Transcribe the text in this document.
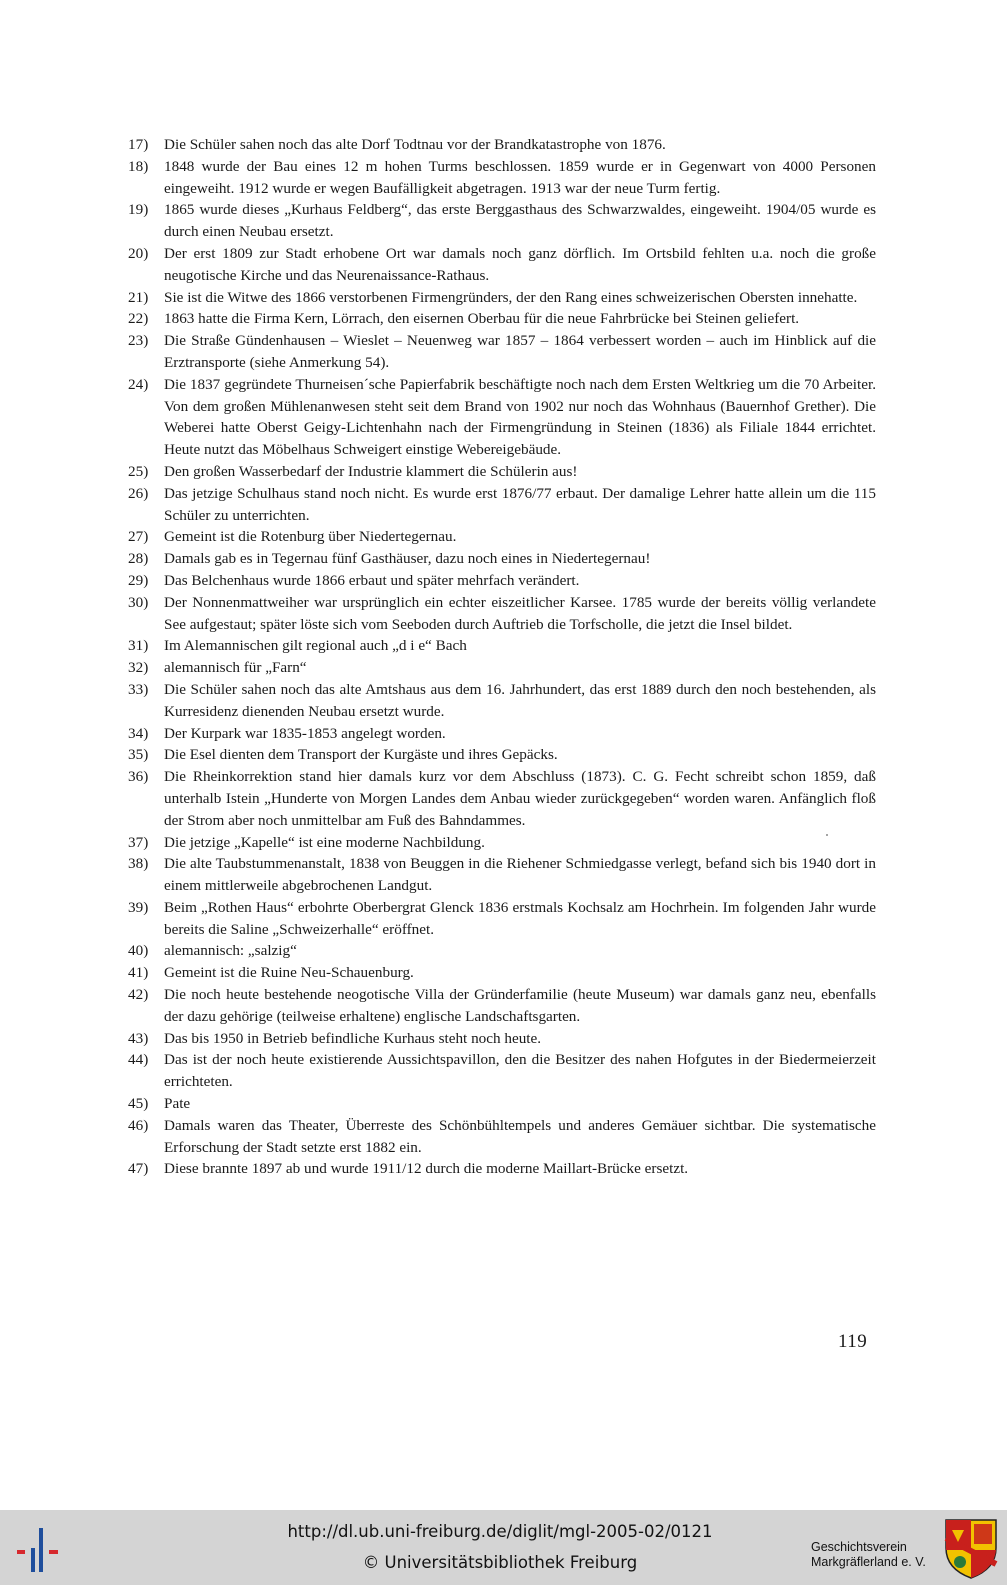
17)	Die Schüler sahen noch das alte Dorf Todtnau vor der Brandkatastrophe von 1876.
18)	1848 wurde der Bau eines 12 m hohen Turms beschlossen. 1859 wurde er in Gegenwart von 4000 Personen eingeweiht. 1912 wurde er wegen Baufälligkeit abgetragen. 1913 war der neue Turm fertig.
19)	1865 wurde dieses „Kurhaus Feldberg“, das erste Berggasthaus des Schwarzwaldes, eingeweiht. 1904/05 wurde es durch einen Neubau ersetzt.
20)	Der erst 1809 zur Stadt erhobene Ort war damals noch ganz dörflich. Im Ortsbild fehlten u.a. noch die große neugotische Kirche und das Neurenaissance-Rathaus.
21)	Sie ist die Witwe des 1866 verstorbenen Firmengründers, der den Rang eines schweizerischen Obersten innehatte.
22)	1863 hatte die Firma Kern, Lörrach, den eisernen Oberbau für die neue Fahrbrücke bei Steinen geliefert.
23)	Die Straße Gündenhausen – Wieslet – Neuenweg war 1857 – 1864 verbessert worden – auch im Hinblick auf die Erztransporte (siehe Anmerkung 54).
24)	Die 1837 gegründete Thurneisen´sche Papierfabrik beschäftigte noch nach dem Ersten Weltkrieg um die 70 Arbeiter. Von dem großen Mühlenanwesen steht seit dem Brand von 1902 nur noch das Wohnhaus (Bauernhof Grether). Die Weberei hatte Oberst Geigy-Lichtenhahn nach der Firmengründung in Steinen (1836) als Filiale 1844 errichtet. Heute nutzt das Möbelhaus Schweigert einstige Webereigebäude.
25)	Den großen Wasserbedarf der Industrie klammert die Schülerin aus!
26)	Das jetzige Schulhaus stand noch nicht. Es wurde erst 1876/77 erbaut. Der damalige Lehrer hatte allein um die 115 Schüler zu unterrichten.
27)	Gemeint ist die Rotenburg über Niedertegernau.
28)	Damals gab es in Tegernau fünf Gasthäuser, dazu noch eines in Niedertegernau!
29)	Das Belchenhaus wurde 1866 erbaut und später mehrfach verändert.
30)	Der Nonnenmattweiher war ursprünglich ein echter eiszeitlicher Karsee. 1785 wurde der bereits völlig verlandete See aufgestaut; später löste sich vom Seeboden durch Auftrieb die Torfscholle, die jetzt die Insel bildet.
31)	Im Alemannischen gilt regional auch „d i e“ Bach
32)	alemannisch für „Farn“
33)	Die Schüler sahen noch das alte Amtshaus aus dem 16. Jahrhundert, das erst 1889 durch den noch bestehenden, als Kurresidenz dienenden Neubau ersetzt wurde.
34)	Der Kurpark war 1835-1853 angelegt worden.
35)	Die Esel dienten dem Transport der Kurgäste und ihres Gepäcks.
36)	Die Rheinkorrektion stand hier damals kurz vor dem Abschluss (1873). C. G. Fecht schreibt schon 1859, daß unterhalb Istein „Hunderte von Morgen Landes dem Anbau wieder zurückgegeben“ worden waren. Anfänglich floß der Strom aber noch unmittelbar am Fuß des Bahndammes.
37)	Die jetzige „Kapelle“ ist eine moderne Nachbildung.
38)	Die alte Taubstummenanstalt, 1838 von Beuggen in die Riehener Schmiedgasse verlegt, befand sich bis 1940 dort in einem mittlerweile abgebrochenen Landgut.
39)	Beim „Rothen Haus“ erbohrte Oberbergrat Glenck 1836 erstmals Kochsalz am Hochrhein. Im folgenden Jahr wurde bereits die Saline „Schweizerhalle“ eröffnet.
40)	alemannisch: „salzig“
41)	Gemeint ist die Ruine Neu-Schauenburg.
42)	Die noch heute bestehende neogotische Villa der Gründerfamilie (heute Museum) war damals ganz neu, ebenfalls der dazu gehörige (teilweise erhaltene) englische Landschaftsgarten.
43)	Das bis 1950 in Betrieb befindliche Kurhaus steht noch heute.
44)	Das ist der noch heute existierende Aussichtspavillon, den die Besitzer des nahen Hofgutes in der Biedermeierzeit errichteten.
45)	Pate
46)	Damals waren das Theater, Überreste des Schönbühltempels und anderes Gemäuer sichtbar. Die systematische Erforschung der Stadt setzte erst 1882 ein.
47)	Diese brannte 1897 ab und wurde 1911/12 durch die moderne Maillart-Brücke ersetzt.
119
http://dl.ub.uni-freiburg.de/diglit/mgl-2005-02/0121
© Universitätsbibliothek Freiburg
Geschichtsverein
Markgräflerland e. V.
